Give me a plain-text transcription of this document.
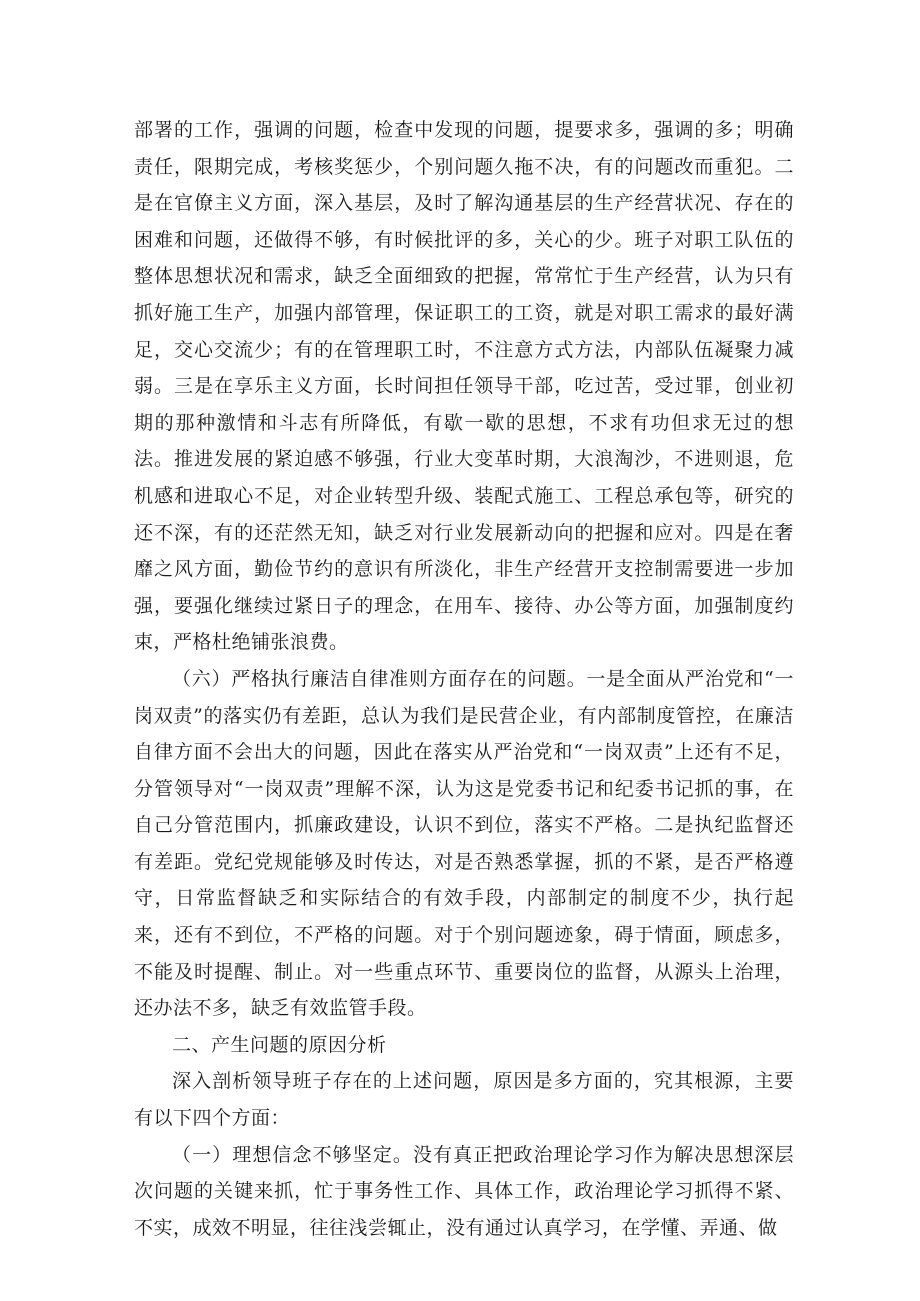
部署的工作，强调的问题，检查中发现的问题，提要求多，强调的多；明确责任，限期完成，考核奖惩少，个别问题久拖不决，有的问题改而重犯。二是在官僚主义方面，深入基层，及时了解沟通基层的生产经营状况、存在的困难和问题，还做得不够，有时候批评的多，关心的少。班子对职工队伍的整体思想状况和需求，缺乏全面细致的把握，常常忙于生产经营，认为只有抓好施工生产，加强内部管理，保证职工的工资，就是对职工需求的最好满足，交心交流少；有的在管理职工时，不注意方式方法，内部队伍凝聚力减弱。三是在享乐主义方面，长时间担任领导干部，吃过苦，受过罪，创业初期的那种激情和斗志有所降低，有歇一歇的思想，不求有功但求无过的想法。推进发展的紧迫感不够强，行业大变革时期，大浪淘沙，不进则退，危机感和进取心不足，对企业转型升级、装配式施工、工程总承包等，研究的还不深，有的还茫然无知，缺乏对行业发展新动向的把握和应对。四是在奢靡之风方面，勤俭节约的意识有所淡化，非生产经营开支控制需要进一步加强，要强化继续过紧日子的理念，在用车、接待、办公等方面，加强制度约束，严格杜绝铺张浪费。

（六）严格执行廉洁自律准则方面存在的问题。一是全面从严治党和“一岗双责”的落实仍有差距，总认为我们是民营企业，有内部制度管控，在廉洁自律方面不会出大的问题，因此在落实从严治党和“一岗双责”上还有不足，分管领导对“一岗双责”理解不深，认为这是党委书记和纪委书记抓的事，在自己分管范围内，抓廉政建设，认识不到位，落实不严格。二是执纪监督还有差距。党纪党规能够及时传达，对是否熟悉掌握，抓的不紧，是否严格遵守，日常监督缺乏和实际结合的有效手段，内部制定的制度不少，执行起来，还有不到位，不严格的问题。对于个别问题迹象，碍于情面，顾虑多，不能及时提醒、制止。对一些重点环节、重要岗位的监督，从源头上治理，还办法不多，缺乏有效监管手段。

二、产生问题的原因分析

深入剖析领导班子存在的上述问题，原因是多方面的，究其根源，主要有以下四个方面：

（一）理想信念不够坚定。没有真正把政治理论学习作为解决思想深层次问题的关键来抓，忙于事务性工作、具体工作，政治理论学习抓得不紧、不实，成效不明显，往往浅尝辄止，没有通过认真学习，在学懂、弄通、做
